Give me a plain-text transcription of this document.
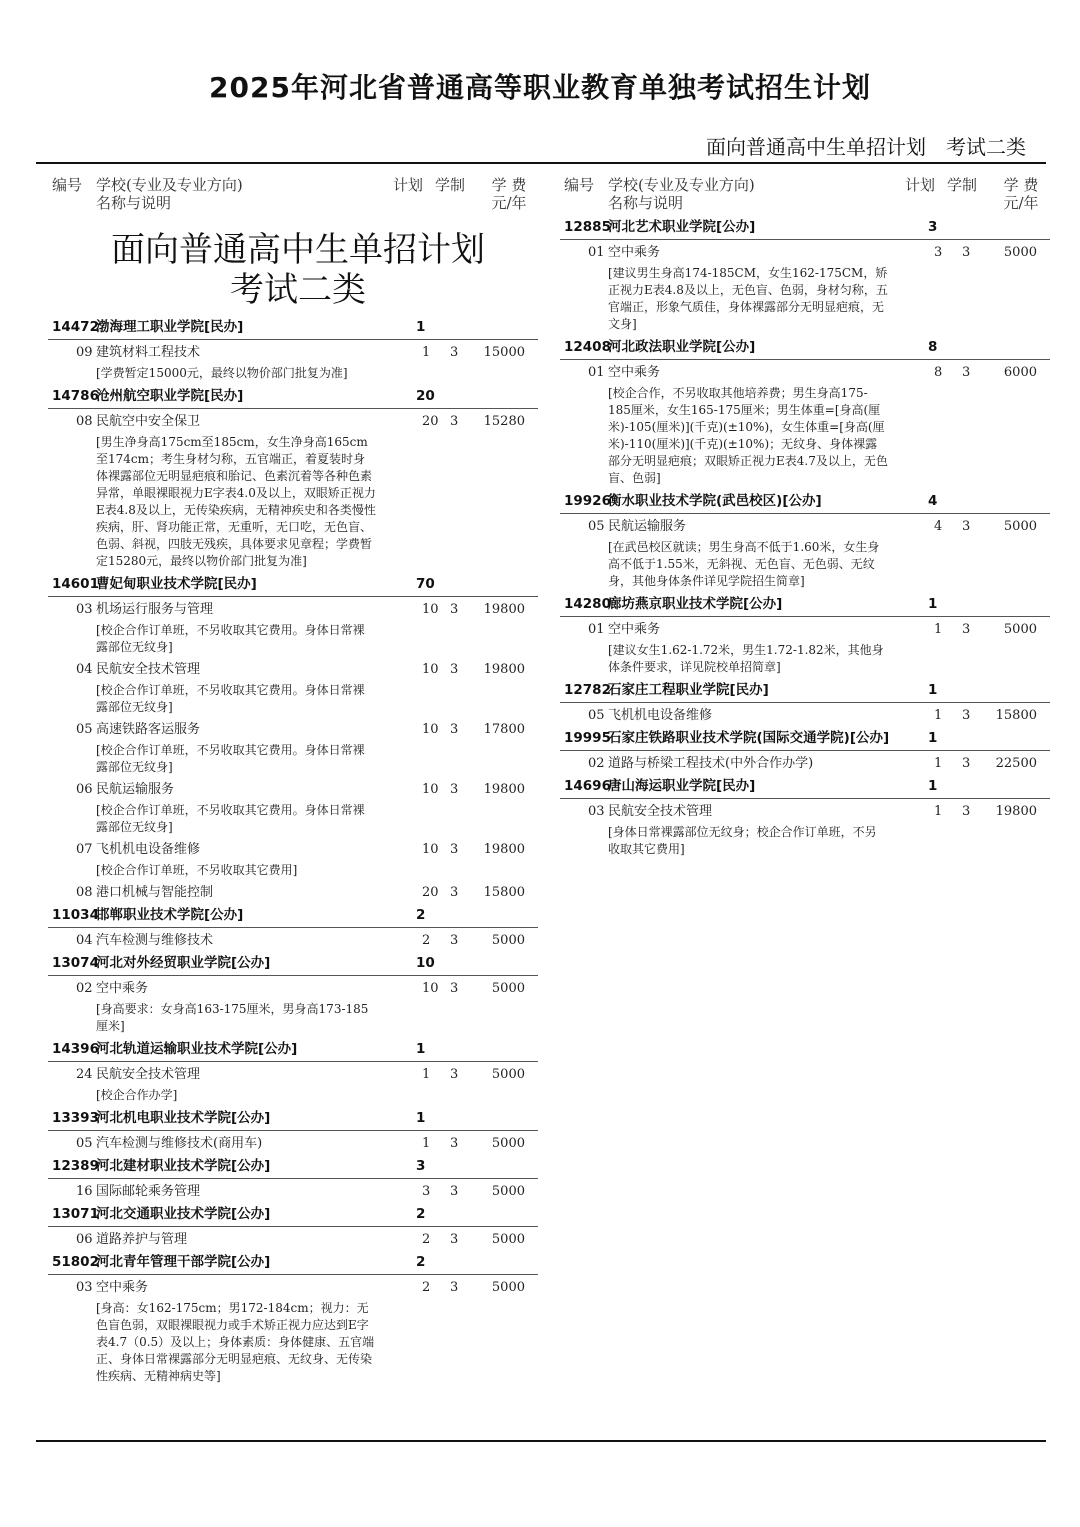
2025年河北省普通高等职业教育单独考试招生计划
面向普通高中生单招计划　考试二类
编号 学校(专业及专业方向)
名称与说明
计划 学制	学 费
元/年
面向普通高中生单招计划
考试二类
14472
渤海理工职业学院[民办]	1
09 建筑材料工程技术	1 3	15000
[学费暂定15000元，最终以物价部门批复为准]
14786
沧州航空职业学院[民办]	20
08 民航空中安全保卫	20 3	15280
[男生净身高175cm至185cm，女生净身高165cm至174cm；考生身材匀称，五官端正，着夏装时身体裸露部位无明显疤痕和胎记、色素沉着等各种色素异常，单眼裸眼视力E字表4.0及以上，双眼矫正视力E表4.8及以上，无传染疾病，无精神疾史和各类慢性疾病，肝、肾功能正常，无重听，无口吃，无色盲、色弱、斜视，四肢无残疾，具体要求见章程；学费暂定15280元，最终以物价部门批复为准]
14601
曹妃甸职业技术学院[民办]	70
03 机场运行服务与管理	10 3	19800
[校企合作订单班，不另收取其它费用。身体日常裸露部位无纹身]
04 民航安全技术管理	10 3	19800
[校企合作订单班，不另收取其它费用。身体日常裸露部位无纹身]
05 高速铁路客运服务	10 3	17800
[校企合作订单班，不另收取其它费用。身体日常裸露部位无纹身]
06 民航运输服务	10 3	19800
[校企合作订单班，不另收取其它费用。身体日常裸露部位无纹身]
07 飞机机电设备维修	10 3	19800
[校企合作订单班，不另收取其它费用]
08 港口机械与智能控制	20 3	15800
11034
邯郸职业技术学院[公办]	2
04 汽车检测与维修技术	2 3	5000
13074
河北对外经贸职业学院[公办]	10
02 空中乘务	10 3	5000
[身高要求：女身高163-175厘米，男身高173-185厘米]
14396
河北轨道运输职业技术学院[公办]	1
24 民航安全技术管理	1 3	5000
[校企合作办学]
13393
河北机电职业技术学院[公办]	1
05 汽车检测与维修技术(商用车)	1 3	5000
12389
河北建材职业技术学院[公办]	3
16 国际邮轮乘务管理	3 3	5000
13071
河北交通职业技术学院[公办]	2
06 道路养护与管理	2 3	5000
51802
河北青年管理干部学院[公办]	2
03 空中乘务	2 3	5000
[身高：女162-175cm；男172-184cm；视力：无色盲色弱，双眼裸眼视力或手术矫正视力应达到E字表4.7（0.5）及以上；身体素质：身体健康、五官端正、身体日常裸露部分无明显疤痕、无纹身、无传染性疾病、无精神病史等]
编号 学校(专业及专业方向)
名称与说明
计划 学制	学 费
元/年
12885
河北艺术职业学院[公办]	3
01 空中乘务	3 3	5000
[建议男生身高174-185CM，女生162-175CM，矫正视力E表4.8及以上，无色盲、色弱，身材匀称，五官端正，形象气质佳，身体裸露部分无明显疤痕，无文身]
12408
河北政法职业学院[公办]	8
01 空中乘务	8 3	6000
[校企合作，不另收取其他培养费；男生身高175-185厘米，女生165-175厘米；男生体重=[身高(厘米)-105(厘米)](千克)(±10%)，女生体重=[身高(厘米)-110(厘米)](千克)(±10%)；无纹身、身体裸露部分无明显疤痕；双眼矫正视力E表4.7及以上，无色盲、色弱]
19926
衡水职业技术学院(武邑校区)[公办]	4
05 民航运输服务	4 3	5000
[在武邑校区就读；男生身高不低于1.60米，女生身高不低于1.55米，无斜视、无色盲、无色弱、无纹身，其他身体条件详见学院招生简章]
14280
廊坊燕京职业技术学院[公办]	1
01 空中乘务	1 3	5000
[建议女生1.62-1.72米，男生1.72-1.82米，其他身体条件要求，详见院校单招简章]
12782
石家庄工程职业学院[民办]	1
05 飞机机电设备维修	1 3	15800
19995
石家庄铁路职业技术学院(国际交通学院)[公办]	1
02 道路与桥梁工程技术(中外合作办学)	1 3	22500
14696
唐山海运职业学院[民办]	1
03 民航安全技术管理	1 3	19800
[身体日常裸露部位无纹身；校企合作订单班，不另收取其它费用]
